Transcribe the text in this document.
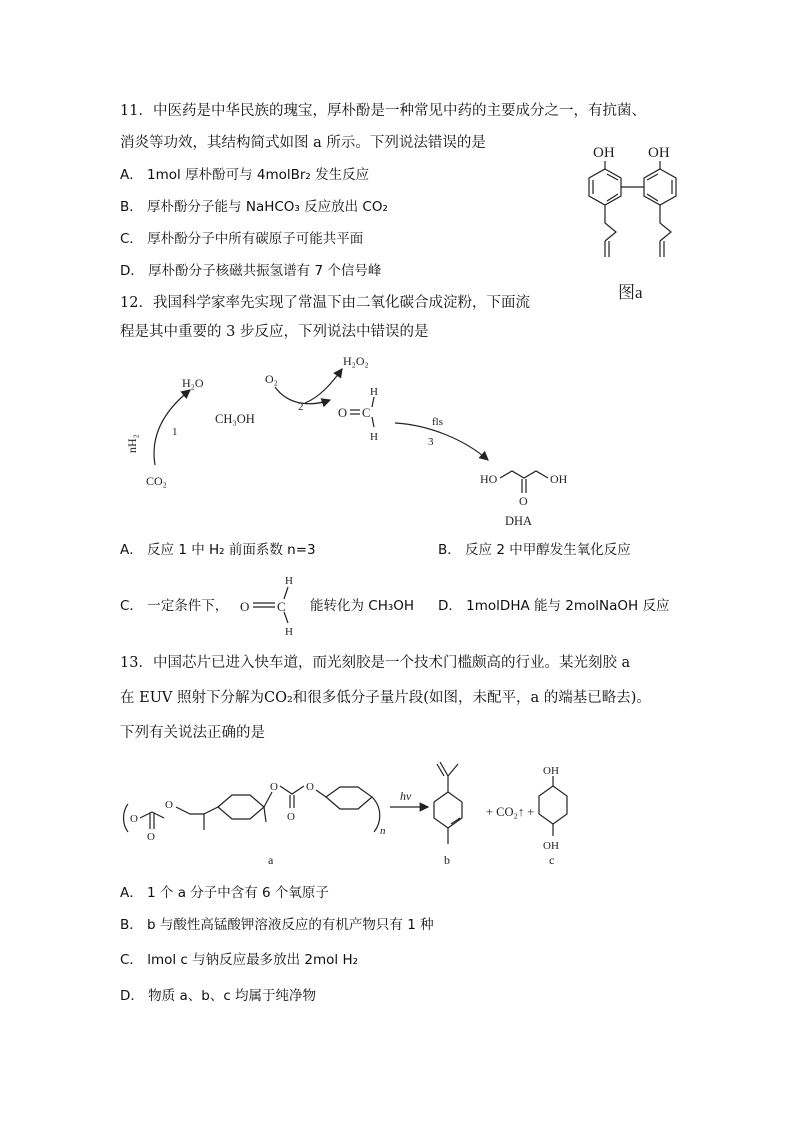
11．中医药是中华民族的瑰宝，厚朴酚是一种常见中药的主要成分之一，有抗菌、
消炎等功效，其结构简式如图 a 所示。下列说法错误的是
A． 1mol 厚朴酚可与 4molBr₂ 发生反应
B． 厚朴酚分子能与 NaHCO₃ 反应放出 CO₂
C． 厚朴酚分子中所有碳原子可能共平面
D． 厚朴酚分子核磁共振氢谱有 7 个信号峰
OH OH
图a
12．我国科学家率先实现了常温下由二氧化碳合成淀粉，下面流
程是其中重要的 3 步反应，下列说法中错误的是
nH₂
CO₂
H₂O
1
CH₃OH
O₂
H₂O₂
2	O C
H
H
fls
3
HO
O
OH
DHA
A． 反应 1 中 H₂ 前面系数 n=3	B． 反应 2 中甲醇发生氧化反应
C． 一定条件下， O C
H
H
能转化为 CH₃OH D． 1molDHA 能与 2molNaOH 反应
13．中国芯片已进入快车道，而光刻胶是一个技术门槛颇高的行业。某光刻胶 a
在 EUV 照射下分解为CO₂和很多低分子量片段(如图，未配平，a 的端基已略去)。
下列有关说法正确的是
O
O
O
O
O
O
n
hv
+ CO₂↑ +
OH
OH
a	b	c
A． 1 个 a 分子中含有 6 个氧原子
B． b 与酸性高锰酸钾溶液反应的有机产物只有 1 种
C． lmol c 与钠反应最多放出 2mol H₂
D． 物质 a、b、c 均属于纯净物
